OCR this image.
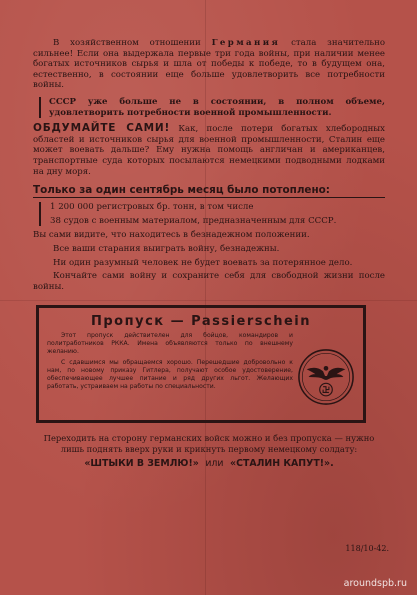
В хозяйственном отношении Германия стала значительно сильнее! Если она выдержала первые три года войны, при наличии менее богатых источников сырья и шла от победы к победе, то в будущем она, естественно, в состоянии еще больше удовлетворить все потребности войны.

СССР уже больше не в состоянии, в полном объеме, удовлетворить потребности военной промышленности.

ОБДУМАЙТЕ САМИ! Как, после потери богатых хлебородных областей и источников сырья для военной промышленности, Сталин еще может воевать дальше? Ему нужна помощь англичан и американцев, транспортные суда которых посылаются немецкими подводными лодками на дну моря.

Только за один сентябрь месяц было потоплено:

1 200 000 регистровых бр. тонн, в том числе

38 судов с военным материалом, предназначенным для СССР.

Вы сами видите, что находитесь в безнадежном положении.

Все ваши старания выиграть войну, безнадежны.

Ни один разумный человек не будет воевать за потерянное дело.

Кончайте сами войну и сохраните себя для свободной жизни после войны.

Пропуск — Passierschein

Этот пропуск действителен для бойцов, командиров и политработников РККА. Имена объявляются только по внешнему желанию.

С сдавшимся мы обращаемся хорошо. Перешедшие добровольно к нам, по новому приказу Гитлера, получают особое удостоверение, обеспечивающее лучшее питание и ряд других льгот. Желающих работать, устраиваем на работы по специальности.

Переходить на сторону германских войск можно и без пропуска — нужно лишь поднять вверх руки и крикнуть первому немецкому солдату:

«ШТЫКИ В ЗЕМЛЮ!» или «СТАЛИН КАПУТ!».
118/10-42.
aroundspb.ru
